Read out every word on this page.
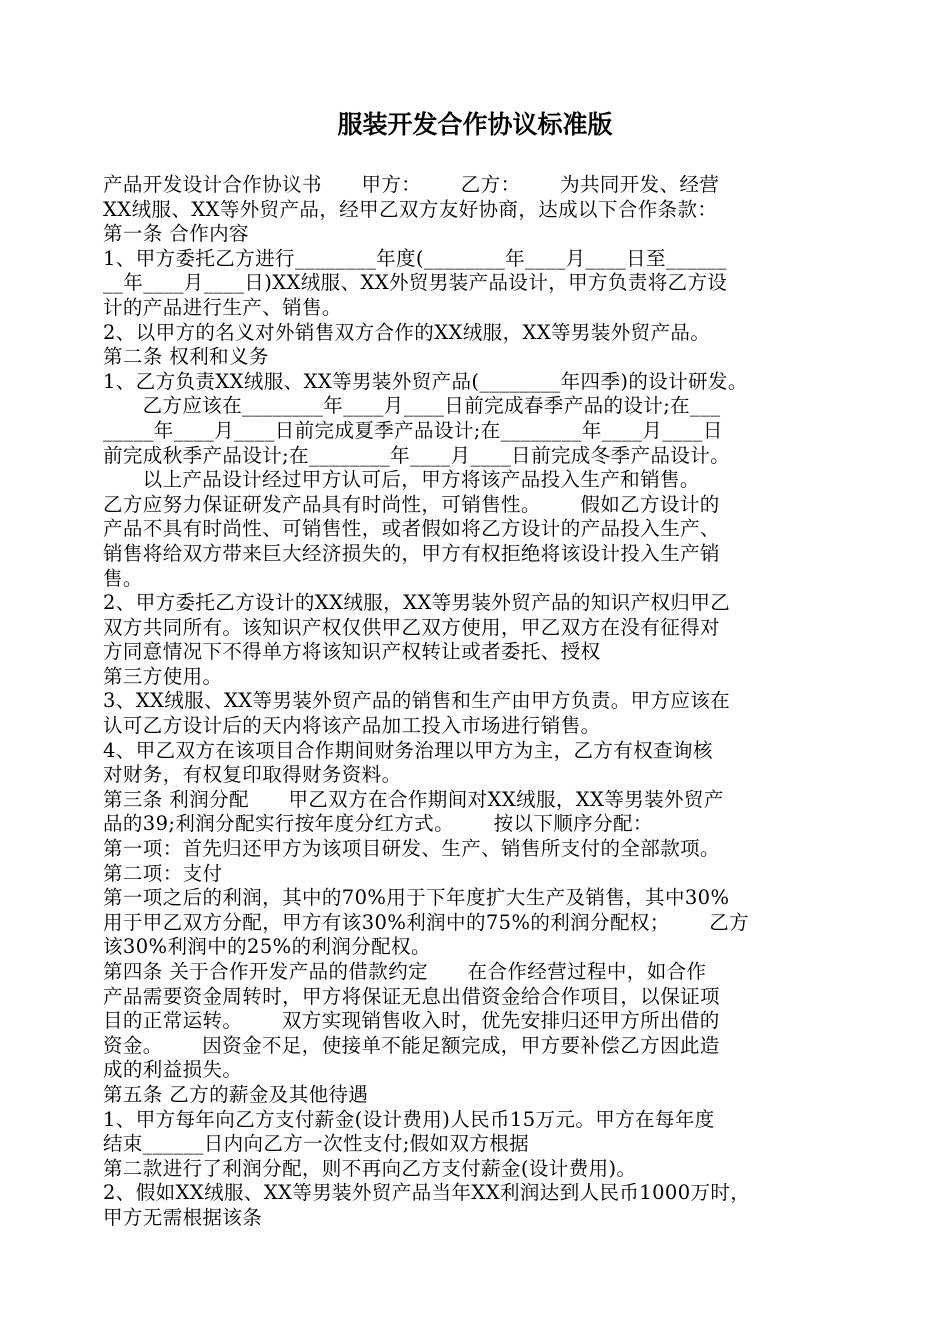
服装开发合作协议标准版
产品开发设计合作协议书      甲方：      乙方：      为共同开发、经营
XX绒服、XX等外贸产品，经甲乙双方友好协商，达成以下合作条款：
第一条 合作内容
1、甲方委托乙方进行________年度(________年____月____日至______
__年____月____日)XX绒服、XX外贸男装产品设计，甲方负责将乙方设
计的产品进行生产、销售。
2、以甲方的名义对外销售双方合作的XX绒服，XX等男装外贸产品。
第二条 权利和义务
1、乙方负责XX绒服、XX等男装外贸产品(________年四季)的设计研发。
乙方应该在________年____月____日前完成春季产品的设计;在___
_____年____月____日前完成夏季产品设计;在________年____月____日
前完成秋季产品设计;在________年____月____日前完成冬季产品设计。
以上产品设计经过甲方认可后，甲方将该产品投入生产和销售。
乙方应努力保证研发产品具有时尚性，可销售性。      假如乙方设计的
产品不具有时尚性、可销售性，或者假如将乙方设计的产品投入生产、
销售将给双方带来巨大经济损失的，甲方有权拒绝将该设计投入生产销
售。
2、甲方委托乙方设计的XX绒服，XX等男装外贸产品的知识产权归甲乙
双方共同所有。该知识产权仅供甲乙双方使用，甲乙双方在没有征得对
方同意情况下不得单方将该知识产权转让或者委托、授权
第三方使用。
3、XX绒服、XX等男装外贸产品的销售和生产由甲方负责。甲方应该在
认可乙方设计后的天内将该产品加工投入市场进行销售。
4、甲乙双方在该项目合作期间财务治理以甲方为主，乙方有权查询核
对财务，有权复印取得财务资料。
第三条 利润分配      甲乙双方在合作期间对XX绒服，XX等男装外贸产
品的39;利润分配实行按年度分红方式。      按以下顺序分配：
第一项：首先归还甲方为该项目研发、生产、销售所支付的全部款项。
第二项：支付
第一项之后的利润，其中的70%用于下年度扩大生产及销售，其中30%
用于甲乙双方分配，甲方有该30%利润中的75%的利润分配权；      乙方
该30%利润中的25%的利润分配权。
第四条 关于合作开发产品的借款约定      在合作经营过程中，如合作
产品需要资金周转时，甲方将保证无息出借资金给合作项目，以保证项
目的正常运转。      双方实现销售收入时，优先安排归还甲方所出借的
资金。      因资金不足，使接单不能足额完成，甲方要补偿乙方因此造
成的利益损失。
第五条 乙方的薪金及其他待遇
1、甲方每年向乙方支付薪金(设计费用)人民币15万元。甲方在每年度
结束______日内向乙方一次性支付;假如双方根据
第二款进行了利润分配，则不再向乙方支付薪金(设计费用)。
2、假如XX绒服、XX等男装外贸产品当年XX利润达到人民币1000万时，
甲方无需根据该条
